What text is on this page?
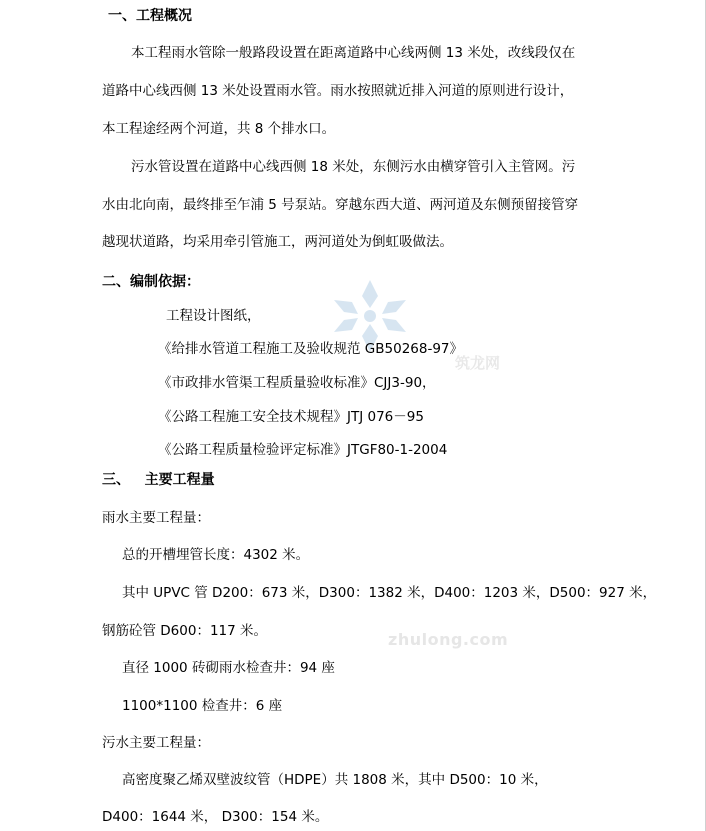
筑龙网
zhulong.com
一、工程概况
本工程雨水管除一般路段设置在距离道路中心线两侧 13 米处，改线段仅在
道路中心线西侧 13 米处设置雨水管。雨水按照就近排入河道的原则进行设计，
本工程途经两个河道，共 8 个排水口。
污水管设置在道路中心线西侧 18 米处，东侧污水由横穿管引入主管网。污
水由北向南，最终排至乍浦 5 号泵站。穿越东西大道、两河道及东侧预留接管穿
越现状道路，均采用牵引管施工，两河道处为倒虹吸做法。
二、编制依据：
工程设计图纸，
《给排水管道工程施工及验收规范 GB50268-97》
《市政排水管渠工程质量验收标准》CJJ3-90，
《公路工程施工安全技术规程》JTJ 076－95
《公路工程质量检验评定标准》JTGF80-1-2004
三、   主要工程量
雨水主要工程量：
总的开槽埋管长度：4302 米。
其中 UPVC 管 D200：673 米，D300：1382 米，D400：1203 米，D500：927 米，
钢筋砼管 D600：117 米。
直径 1000 砖砌雨水检查井：94 座
1100*1100 检查井：6 座
污水主要工程量：
高密度聚乙烯双壁波纹管（HDPE）共 1808 米，其中 D500：10 米，
D400：1644 米， D300：154 米。
